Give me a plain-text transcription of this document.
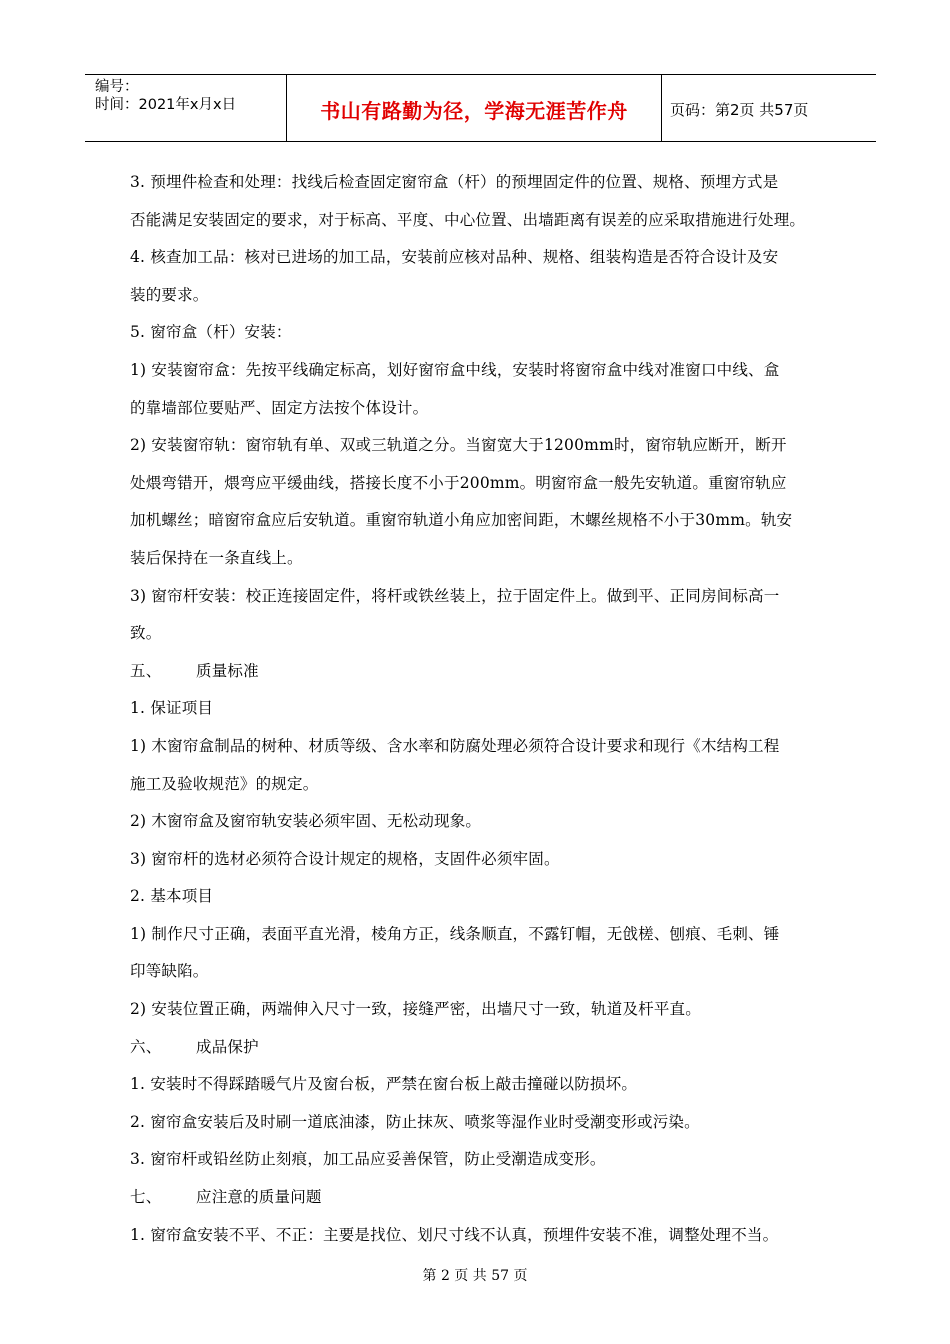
编号：
时间：2021年x月x日	书山有路勤为径，学海无涯苦作舟	页码：第2页 共57页
3. 预埋件检查和处理：找线后检查固定窗帘盒（杆）的预埋固定件的位置、规格、预埋方式是
否能满足安装固定的要求，对于标高、平度、中心位置、出墙距离有误差的应采取措施进行处理。
4. 核查加工品：核对已进场的加工品，安装前应核对品种、规格、组装构造是否符合设计及安
装的要求。
5. 窗帘盒（杆）安装：
1) 安装窗帘盒：先按平线确定标高，划好窗帘盒中线，安装时将窗帘盒中线对准窗口中线、盒
的靠墙部位要贴严、固定方法按个体设计。
2) 安装窗帘轨：窗帘轨有单、双或三轨道之分。当窗宽大于1200mm时，窗帘轨应断开，断开
处煨弯错开，煨弯应平缓曲线，搭接长度不小于200mm。明窗帘盒一般先安轨道。重窗帘轨应
加机螺丝；暗窗帘盒应后安轨道。重窗帘轨道小角应加密间距，木螺丝规格不小于30mm。轨安
装后保持在一条直线上。
3) 窗帘杆安装：校正连接固定件，将杆或铁丝装上，拉于固定件上。做到平、正同房间标高一
致。
五、 质量标准
1. 保证项目
1) 木窗帘盒制品的树种、材质等级、含水率和防腐处理必须符合设计要求和现行《木结构工程
施工及验收规范》的规定。
2) 木窗帘盒及窗帘轨安装必须牢固、无松动现象。
3) 窗帘杆的选材必须符合设计规定的规格，支固件必须牢固。
2. 基本项目
1) 制作尺寸正确，表面平直光滑，棱角方正，线条顺直，不露钉帽，无戗槎、刨痕、毛刺、锤
印等缺陷。
2) 安装位置正确，两端伸入尺寸一致，接缝严密，出墙尺寸一致，轨道及杆平直。
六、 成品保护
1. 安装时不得踩踏暖气片及窗台板，严禁在窗台板上敲击撞碰以防损坏。
2. 窗帘盒安装后及时刷一道底油漆，防止抹灰、喷浆等湿作业时受潮变形或污染。
3. 窗帘杆或铅丝防止刻痕，加工品应妥善保管，防止受潮造成变形。
七、 应注意的质量问题
1. 窗帘盒安装不平、不正：主要是找位、划尺寸线不认真，预埋件安装不准，调整处理不当。
第 2 页 共 57 页
